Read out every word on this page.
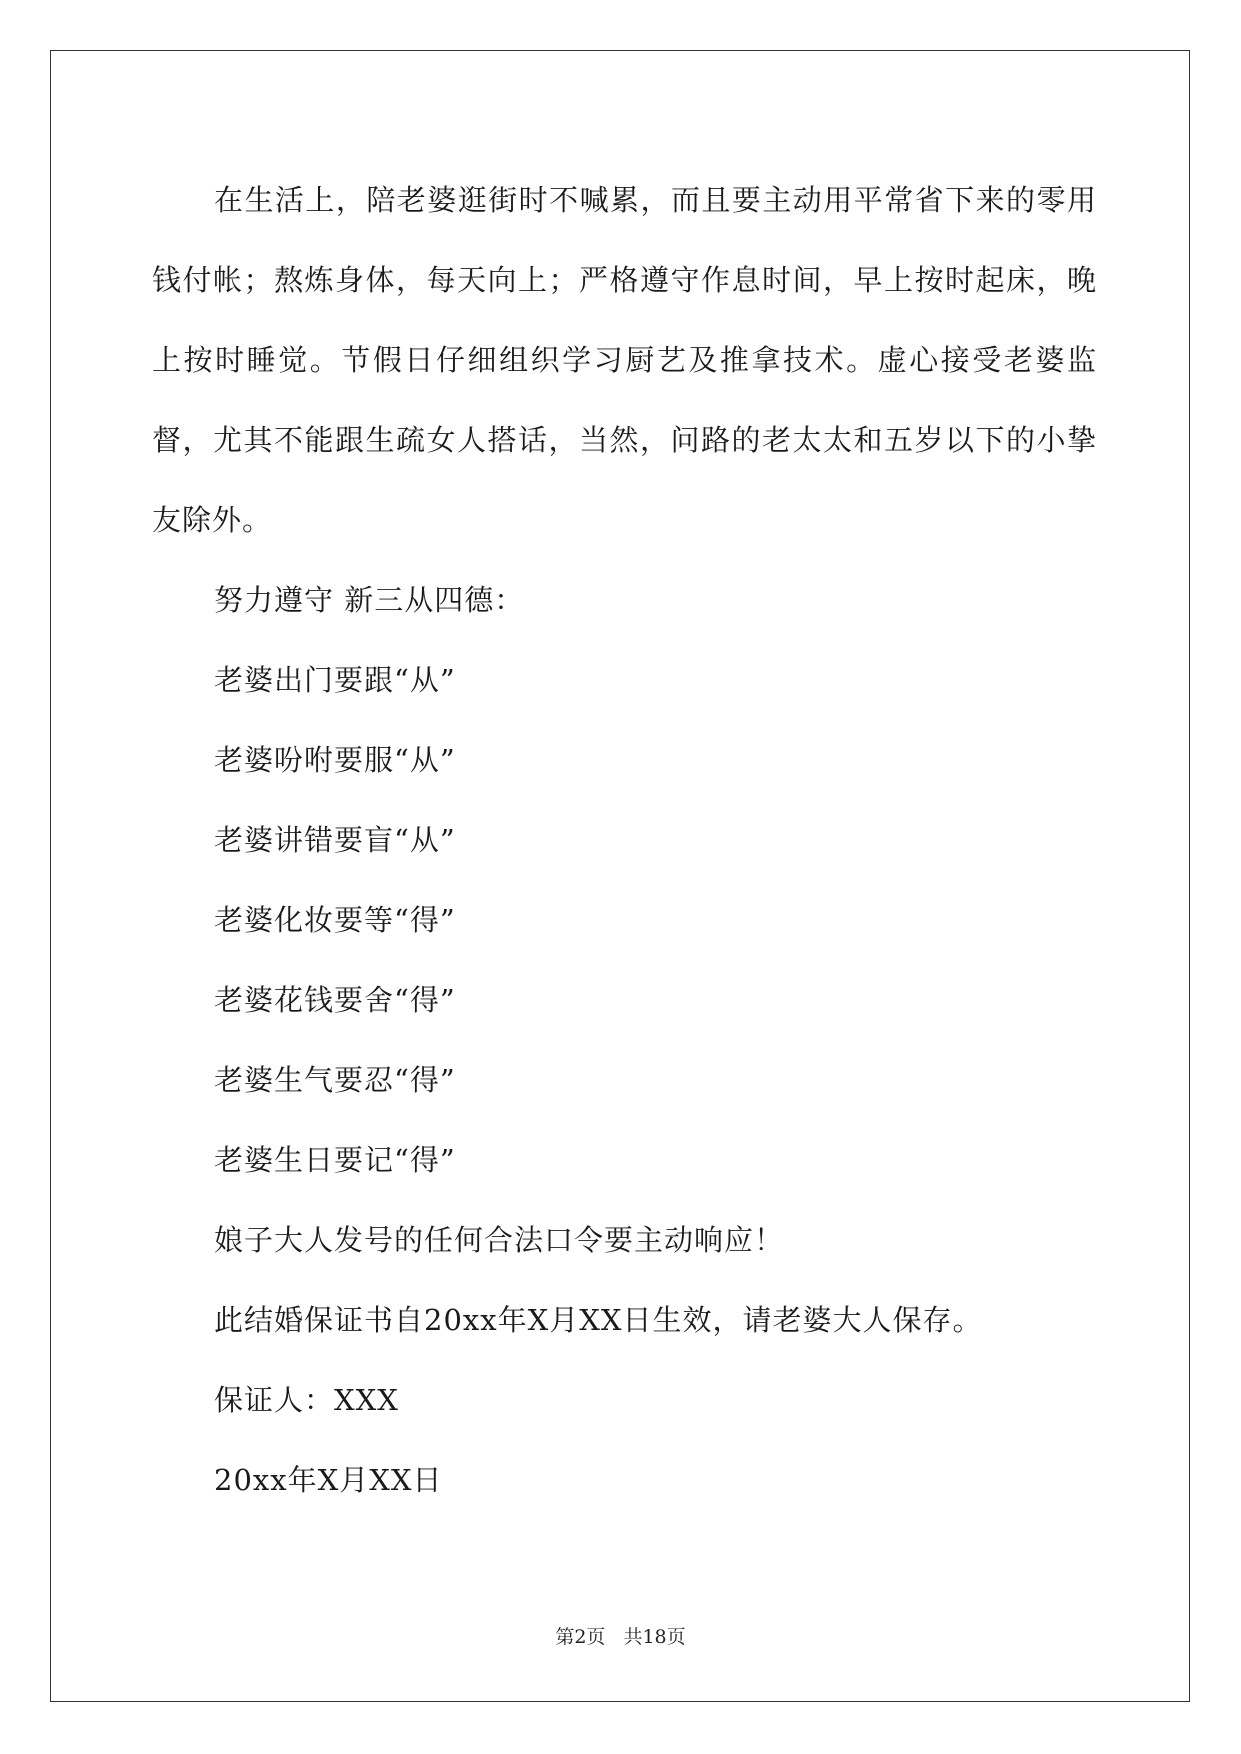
在生活上，陪老婆逛街时不喊累，而且要主动用平常省下来的零用钱付帐；熬炼身体，每天向上；严格遵守作息时间，早上按时起床，晚上按时睡觉。节假日仔细组织学习厨艺及推拿技术。虚心接受老婆监督，尤其不能跟生疏女人搭话，当然，问路的老太太和五岁以下的小挚友除外。

努力遵守 新三从四德：

老婆出门要跟“从”

老婆吩咐要服“从”

老婆讲错要盲“从”

老婆化妆要等“得”

老婆花钱要舍“得”

老婆生气要忍“得”

老婆生日要记“得”

娘子大人发号的任何合法口令要主动响应！

此结婚保证书自20xx年X月XX日生效，请老婆大人保存。

保证人：XXX

20xx年X月XX日

第2页 共18页
